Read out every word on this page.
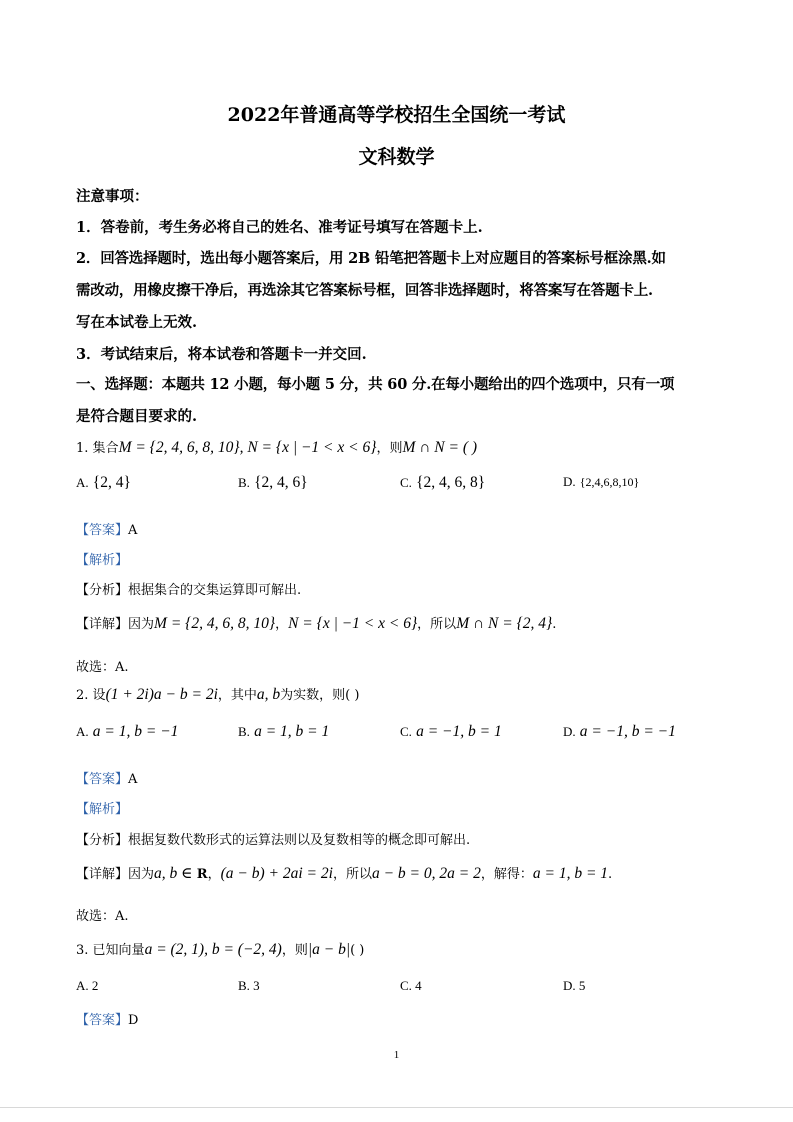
2022年普通高等学校招生全国统一考试
文科数学
注意事项：
1．答卷前，考生务必将自己的姓名、准考证号填写在答题卡上.
2．回答选择题时，选出每小题答案后，用 2B 铅笔把答题卡上对应题目的答案标号框涂黑.如
需改动，用橡皮擦干净后，再选涂其它答案标号框，回答非选择题时，将答案写在答题卡上.
写在本试卷上无效.
3．考试结束后，将本试卷和答题卡一并交回.
一、选择题：本题共 12 小题，每小题 5 分，共 60 分.在每小题给出的四个选项中，只有一项
是符合题目要求的.
1. 集合M = {2, 4, 6, 8, 10}, N = {x | −1 < x < 6}，则M ∩ N = ( )
A. {2, 4}	B. {2, 4, 6}	C. {2, 4, 6, 8}	D. {2,4,6,8,10}
【答案】A
【解析】
【分析】根据集合的交集运算即可解出.
【详解】因为M = {2, 4, 6, 8, 10}，N = {x | −1 < x < 6}，所以M ∩ N = {2, 4}.
故选：A.
2. 设(1 + 2i)a − b = 2i，其中a, b为实数，则( )
A. a = 1, b = −1	B. a = 1, b = 1	C. a = −1, b = 1	D. a = −1, b = −1
【答案】A
【解析】
【分析】根据复数代数形式的运算法则以及复数相等的概念即可解出.
【详解】因为a, b ∈ R，(a − b) + 2ai = 2i，所以a − b = 0, 2a = 2，解得：a = 1, b = 1.
故选：A.
3. 已知向量a = (2, 1), b = (−2, 4)，则|a − b|( )
A. 2	B. 3	C. 4	D. 5
【答案】D
1
